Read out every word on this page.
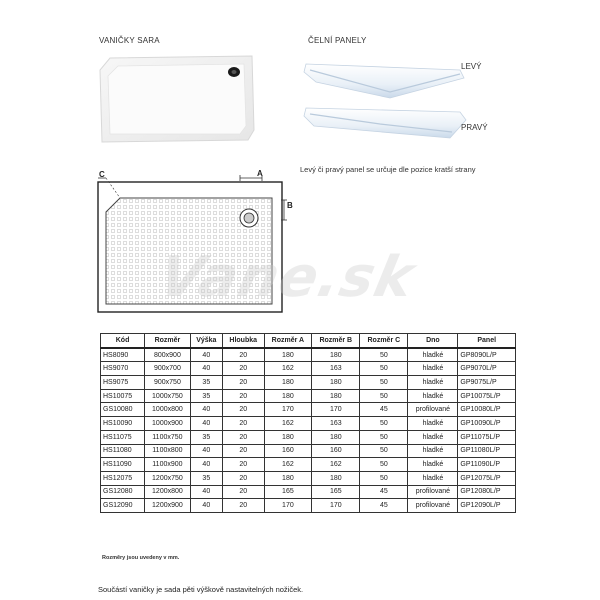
VANIČKY SARA	ČELNÍ PANELY
LEVÝ
PRAVÝ
Levý či pravý panel se určuje dle pozice kratší strany
C	A
B
Vane.sk
Kód	Rozměr	Výška	Hloubka	Rozměr A	Rozměr B	Rozměr C	Dno	Panel
HS8090	800x900	40	20	180	180	50	hladké	GP8090L/P
HS9070	900x700	40	20	162	163	50	hladké	GP9070L/P
HS9075	900x750	35	20	180	180	50	hladké	GP9075L/P
HS10075	1000x750	35	20	180	180	50	hladké	GP10075L/P
GS10080	1000x800	40	20	170	170	45	profilované	GP10080L/P
HS10090	1000x900	40	20	162	163	50	hladké	GP10090L/P
HS11075	1100x750	35	20	180	180	50	hladké	GP11075L/P
HS11080	1100x800	40	20	160	160	50	hladké	GP11080L/P
HS11090	1100x900	40	20	162	162	50	hladké	GP11090L/P
HS12075	1200x750	35	20	180	180	50	hladké	GP12075L/P
GS12080	1200x800	40	20	165	165	45	profilované	GP12080L/P
GS12090	1200x900	40	20	170	170	45	profilované	GP12090L/P
Rozměry jsou uvedeny v mm.
Součástí vaničky je sada pěti výškově nastavitelných nožiček.
